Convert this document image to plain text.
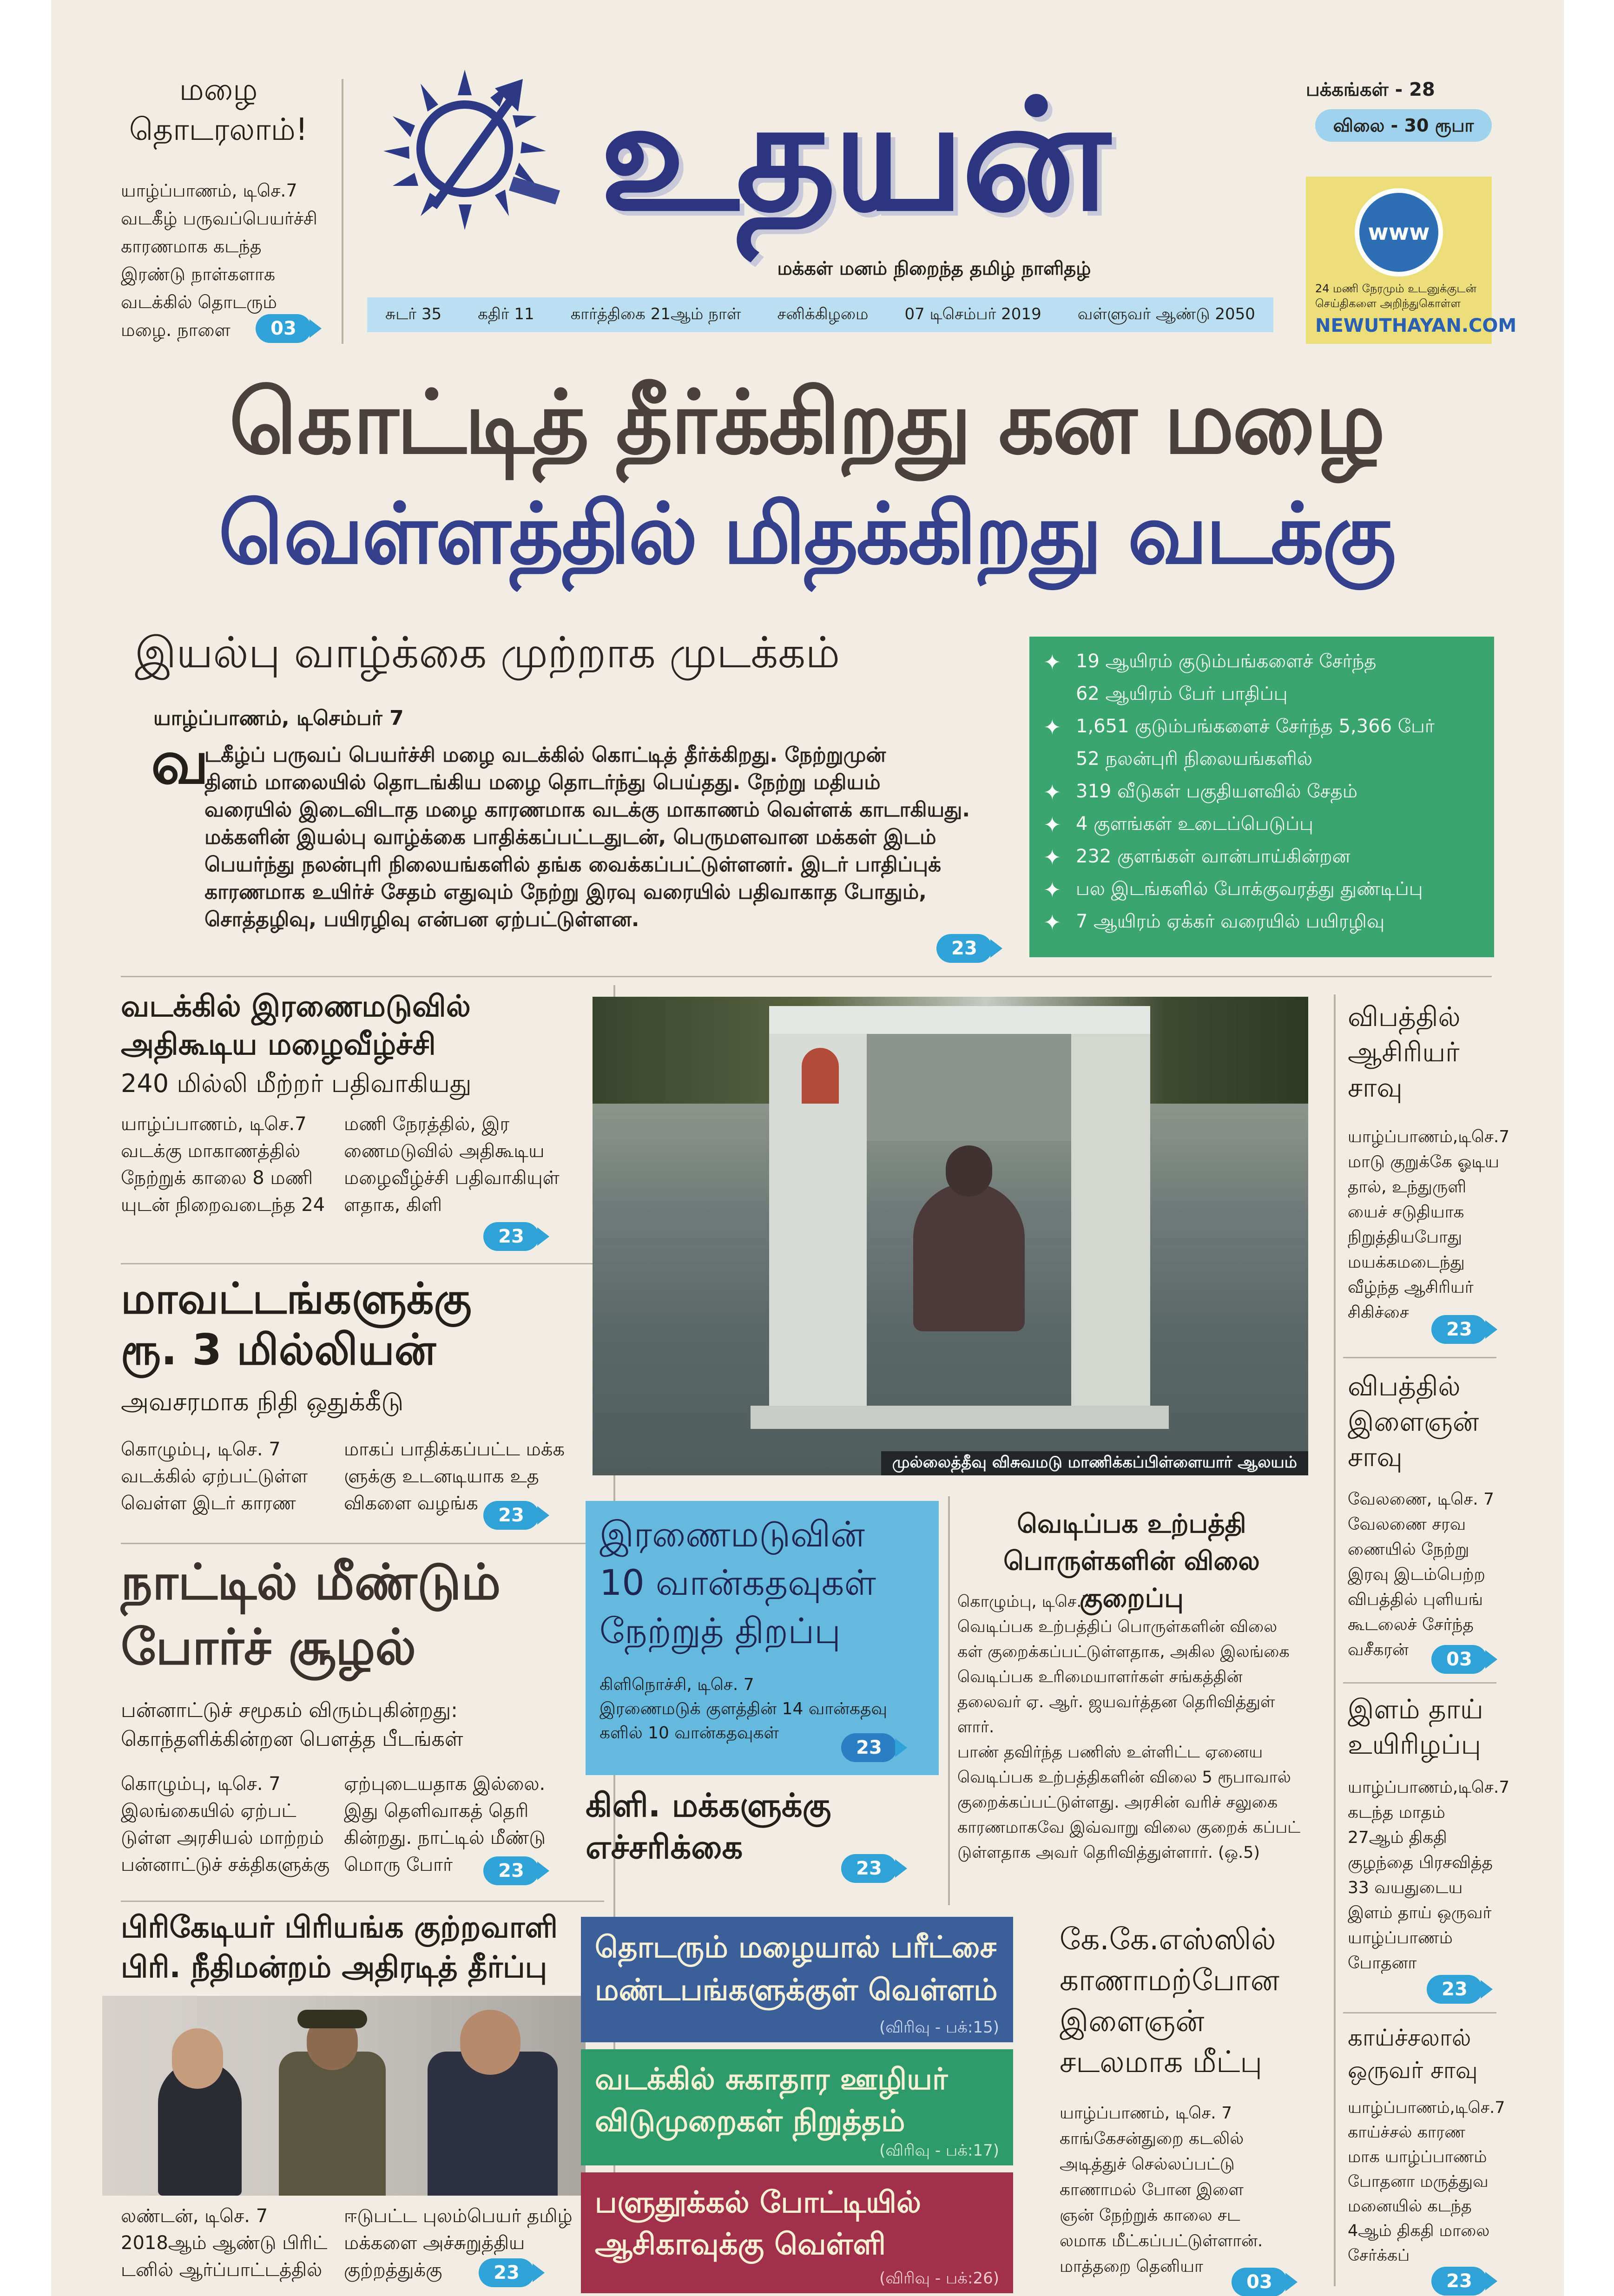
மழை
தொடரலாம்!
யாழ்ப்பாணம், டிசெ.7
வடகீழ் பருவப்பெயர்ச்சி
காரணமாக கடந்த
இரண்டு நாள்களாக
வடக்கில் தொடரும்
மழை. நாளை	03
உதயன்
மக்கள் மனம் நிறைந்த தமிழ் நாளிதழ்
சுடர் 35 கதிர் 11 கார்த்திகை 21ஆம் நாள் சனிக்கிழமை 07 டிசெம்பர் 2019 வள்ளுவர் ஆண்டு 2050
பக்கங்கள் - 28
விலை - 30 ரூபா
www
24 மணி நேரமும் உடனுக்குடன் செய்திகளை அறிந்துகொள்ள
NEWUTHAYAN.COM
கொட்டித் தீர்க்கிறது கன மழை
வெள்ளத்தில் மிதக்கிறது வடக்கு
இயல்பு வாழ்க்கை முற்றாக முடக்கம்
யாழ்ப்பாணம், டிசெம்பர் 7
வ
டகீழ்ப் பருவப் பெயர்ச்சி மழை வடக்கில் கொட்டித் தீர்க்கிறது. நேற்றுமுன்
தினம் மாலையில் தொடங்கிய மழை தொடர்ந்து பெய்தது. நேற்று மதியம்
வரையில் இடைவிடாத மழை காரணமாக வடக்கு மாகாணம் வெள்ளக் காடாகியது.
மக்களின் இயல்பு வாழ்க்கை பாதிக்கப்பட்டதுடன், பெருமளவான மக்கள் இடம்
பெயர்ந்து நலன்புரி நிலையங்களில் தங்க வைக்கப்பட்டுள்ளனர். இடர் பாதிப்புக்
காரணமாக உயிர்ச் சேதம் எதுவும் நேற்று இரவு வரையில் பதிவாகாத போதும்,
சொத்தழிவு, பயிரழிவு என்பன ஏற்பட்டுள்ளன.
23
✦ 19 ஆயிரம் குடும்பங்களைச் சேர்ந்த
62 ஆயிரம் பேர் பாதிப்பு
✦ 1,651 குடும்பங்களைச் சேர்ந்த 5,366 பேர்
52 நலன்புரி நிலையங்களில்
✦ 319 வீடுகள் பகுதியளவில் சேதம்
✦ 4 குளங்கள் உடைப்பெடுப்பு
✦ 232 குளங்கள் வான்பாய்கின்றன
✦ பல இடங்களில் போக்குவரத்து துண்டிப்பு
✦ 7 ஆயிரம் ஏக்கர் வரையில் பயிரழிவு
வடக்கில் இரணைமடுவில்
அதிகூடிய மழைவீழ்ச்சி
240 மில்லி மீற்றர் பதிவாகியது
யாழ்ப்பாணம், டிசெ.7
வடக்கு மாகாணத்தில்
நேற்றுக் காலை 8 மணி
யுடன் நிறைவடைந்த 24
மணி நேரத்தில், இர
ணைமடுவில் அதிகூடிய
மழைவீழ்ச்சி பதிவாகியுள்
ளதாக, கிளி
23
மாவட்டங்களுக்கு
ரூ. 3 மில்லியன்
அவசரமாக நிதி ஒதுக்கீடு
கொழும்பு, டிசெ. 7
வடக்கில் ஏற்பட்டுள்ள
வெள்ள இடர் காரண
மாகப் பாதிக்கப்பட்ட மக்க
ளுக்கு உடனடியாக உத
விகளை வழங்க
23
நாட்டில் மீண்டும்
போர்ச் சூழல்
பன்னாட்டுச் சமூகம் விரும்புகின்றது:
கொந்தளிக்கின்றன பௌத்த பீடங்கள்
கொழும்பு, டிசெ. 7
இலங்கையில் ஏற்பட்
டுள்ள அரசியல் மாற்றம்
பன்னாட்டுச் சக்திகளுக்கு
ஏற்புடையதாக இல்லை.
இது தெளிவாகத் தெரி
கின்றது. நாட்டில் மீண்டு
மொரு போர்	23
பிரிகேடியர் பிரியங்க குற்றவாளி
பிரி. நீதிமன்றம் அதிரடித் தீர்ப்பு
லண்டன், டிசெ. 7
2018ஆம் ஆண்டு பிரிட்
டனில் ஆர்ப்பாட்டத்தில்
ஈடுபட்ட புலம்பெயர் தமிழ்
மக்களை அச்சுறுத்திய
குற்றத்துக்கு	23
முல்லைத்தீவு விசுவமடு மாணிக்கப்பிள்ளையார் ஆலயம்
இரணைமடுவின்
10 வான்கதவுகள்
நேற்றுத் திறப்பு
கிளிநொச்சி, டிசெ. 7
இரணைமடுக் குளத்தின் 14 வான்கதவு
களில் 10 வான்கதவுகள்
23
கிளி. மக்களுக்கு
எச்சரிக்கை
23
வெடிப்பக உற்பத்தி
பொருள்களின் விலை குறைப்பு
கொழும்பு, டிசெ.7
வெடிப்பக உற்பத்திப் பொருள்களின் விலை
கள் குறைக்கப்பட்டுள்ளதாக, அகில இலங்கை
வெடிப்பக உரிமையாளர்கள் சங்கத்தின்
தலைவர் ஏ. ஆர். ஜயவர்த்தன தெரிவித்துள்
ளார்.
பாண் தவிர்ந்த பணிஸ் உள்ளிட்ட ஏனைய
வெடிப்பக உற்பத்திகளின் விலை 5 ரூபாவால்
குறைக்கப்பட்டுள்ளது. அரசின் வரிச் சலுகை
காரணமாகவே இவ்வாறு விலை குறைக் கப்பட்
டுள்ளதாக அவர் தெரிவித்துள்ளார். (ஒ.5)
தொடரும் மழையால் பரீட்சை
மண்டபங்களுக்குள் வெள்ளம்
(விரிவு - பக்:15)
வடக்கில் சுகாதார ஊழியர்
விடுமுறைகள் நிறுத்தம்
(விரிவு - பக்:17)
பளுதூக்கல் போட்டியில்
ஆசிகாவுக்கு வெள்ளி
(விரிவு - பக்:26)
கே.கே.எஸ்ஸில்
காணாமற்போன
இளைஞன்
சடலமாக மீட்பு
யாழ்ப்பாணம், டிசெ. 7
காங்கேசன்துறை கடலில்
அடித்துச் செல்லப்பட்டு
காணாமல் போன இளை
ஞன் நேற்றுக் காலை சட
லமாக மீட்கப்பட்டுள்ளான்.
மாத்தறை தெனியா
03
விபத்தில்
ஆசிரியர்
சாவு
யாழ்ப்பாணம்,டிசெ.7
மாடு குறுக்கே ஓடிய
தால், உந்துருளி
யைச் சடுதியாக
நிறுத்தியபோது
மயக்கமடைந்து
வீழ்ந்த ஆசிரியர்
சிகிச்சை
23
விபத்தில்
இளைஞன்
சாவு
வேலணை, டிசெ. 7
வேலணை சரவ
ணையில் நேற்று
இரவு இடம்பெற்ற
விபத்தில் புளியங்
கூடலைச் சேர்ந்த
வசீகரன்	03
இளம் தாய்
உயிரிழப்பு
யாழ்ப்பாணம்,டிசெ.7
கடந்த மாதம்
27ஆம் திகதி
குழந்தை பிரசவித்த
33 வயதுடைய
இளம் தாய் ஒருவர்
யாழ்ப்பாணம்
போதனா
23
காய்ச்சலால்
ஒருவர் சாவு
யாழ்ப்பாணம்,டிசெ.7
காய்ச்சல் காரண
மாக யாழ்ப்பாணம்
போதனா மருத்துவ
மனையில் கடந்த
4ஆம் திகதி மாலை
சேர்க்கப்
23
